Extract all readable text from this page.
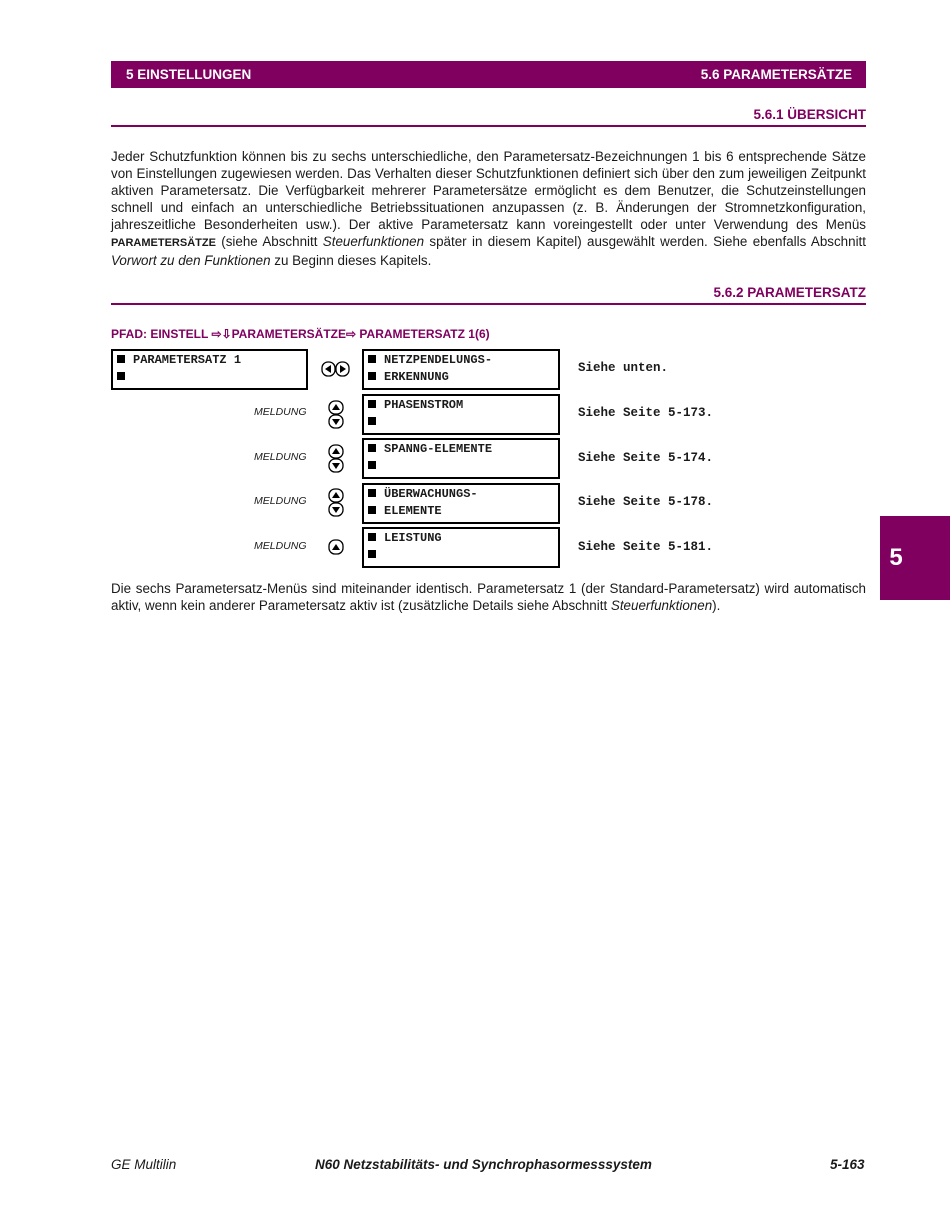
5 EINSTELLUNGEN	5.6 PARAMETERSÄTZE
5.6.1 ÜBERSICHT

Jeder Schutzfunktion können bis zu sechs unterschiedliche, den Parametersatz-Bezeichnungen 1 bis 6 entsprechende Sätze von Einstellungen zugewiesen werden. Das Verhalten dieser Schutzfunktionen definiert sich über den zum jeweiligen Zeitpunkt aktiven Parametersatz. Die Verfügbarkeit mehrerer Parametersätze ermöglicht es dem Benutzer, die Schutzeinstellungen schnell und einfach an unterschiedliche Betriebssituationen anzupassen (z. B. Änderungen der Stromnetzkonfiguration, jahreszeitliche Besonderheiten usw.). Der aktive Parametersatz kann voreingestellt oder unter Verwendung des Menüs PARAMETERSÄTZE (siehe Abschnitt Steuerfunktionen später in diesem Kapitel) ausgewählt werden. Siehe ebenfalls Abschnitt Vorwort zu den Funktionen zu Beginn dieses Kapitels.

5.6.2 PARAMETERSATZ
PFAD: EINSTELL ⇨⇩PARAMETERSÄTZE⇨ PARAMETERSATZ 1(6)
PARAMETERSATZ 1	NETZPENDELUNGS-
ERKENNUNG
Siehe unten.
MELDUNG	PHASENSTROM
Siehe Seite 5-173.
MELDUNG
SPANNG-ELEMENTE
Siehe Seite 5-174.
MELDUNG	ÜBERWACHUNGS-
ELEMENTE
Siehe Seite 5-178.
MELDUNG
LEISTUNG
Siehe Seite 5-181.

Die sechs Parametersatz-Menüs sind miteinander identisch. Parametersatz 1 (der Standard-Parametersatz) wird automatisch aktiv, wenn kein anderer Parametersatz aktiv ist (zusätzliche Details siehe Abschnitt Steuerfunktionen).

5
GE Multilin	N60 Netzstabilitäts- und Synchrophasormesssystem	5-163
